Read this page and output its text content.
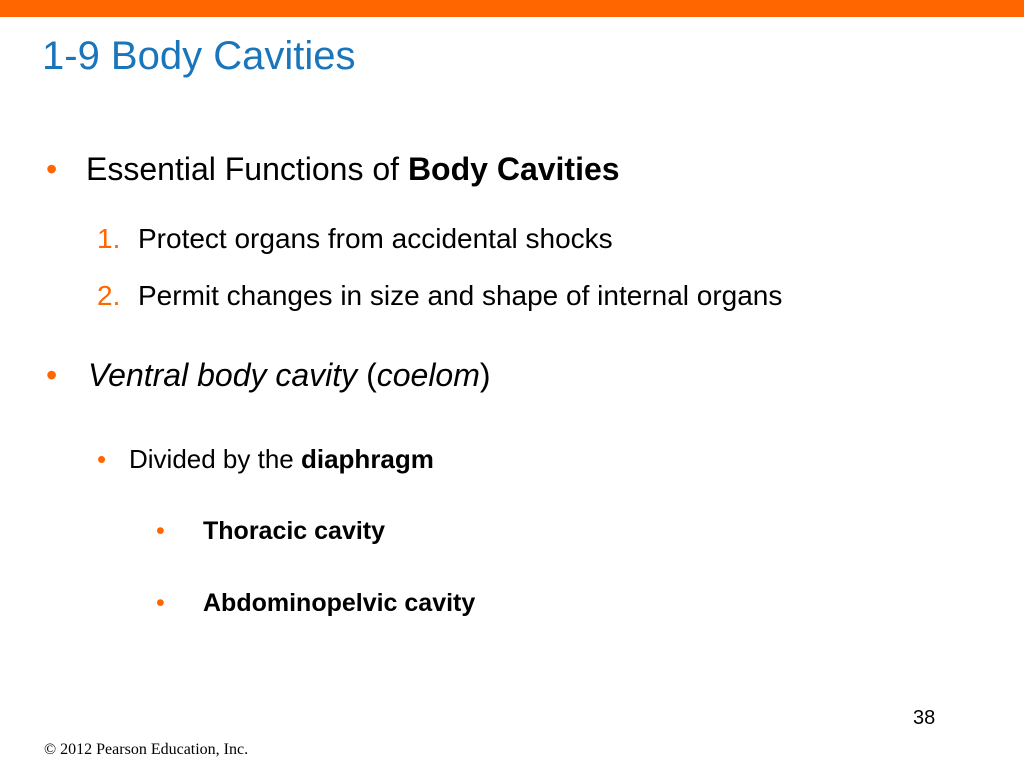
1-9 Body Cavities
• Essential Functions of Body Cavities
1. Protect organs from accidental shocks
2. Permit changes in size and shape of internal organs
• Ventral body cavity (coelom)
• Divided by the diaphragm
• Thoracic cavity
• Abdominopelvic cavity
38
© 2012 Pearson Education, Inc.
